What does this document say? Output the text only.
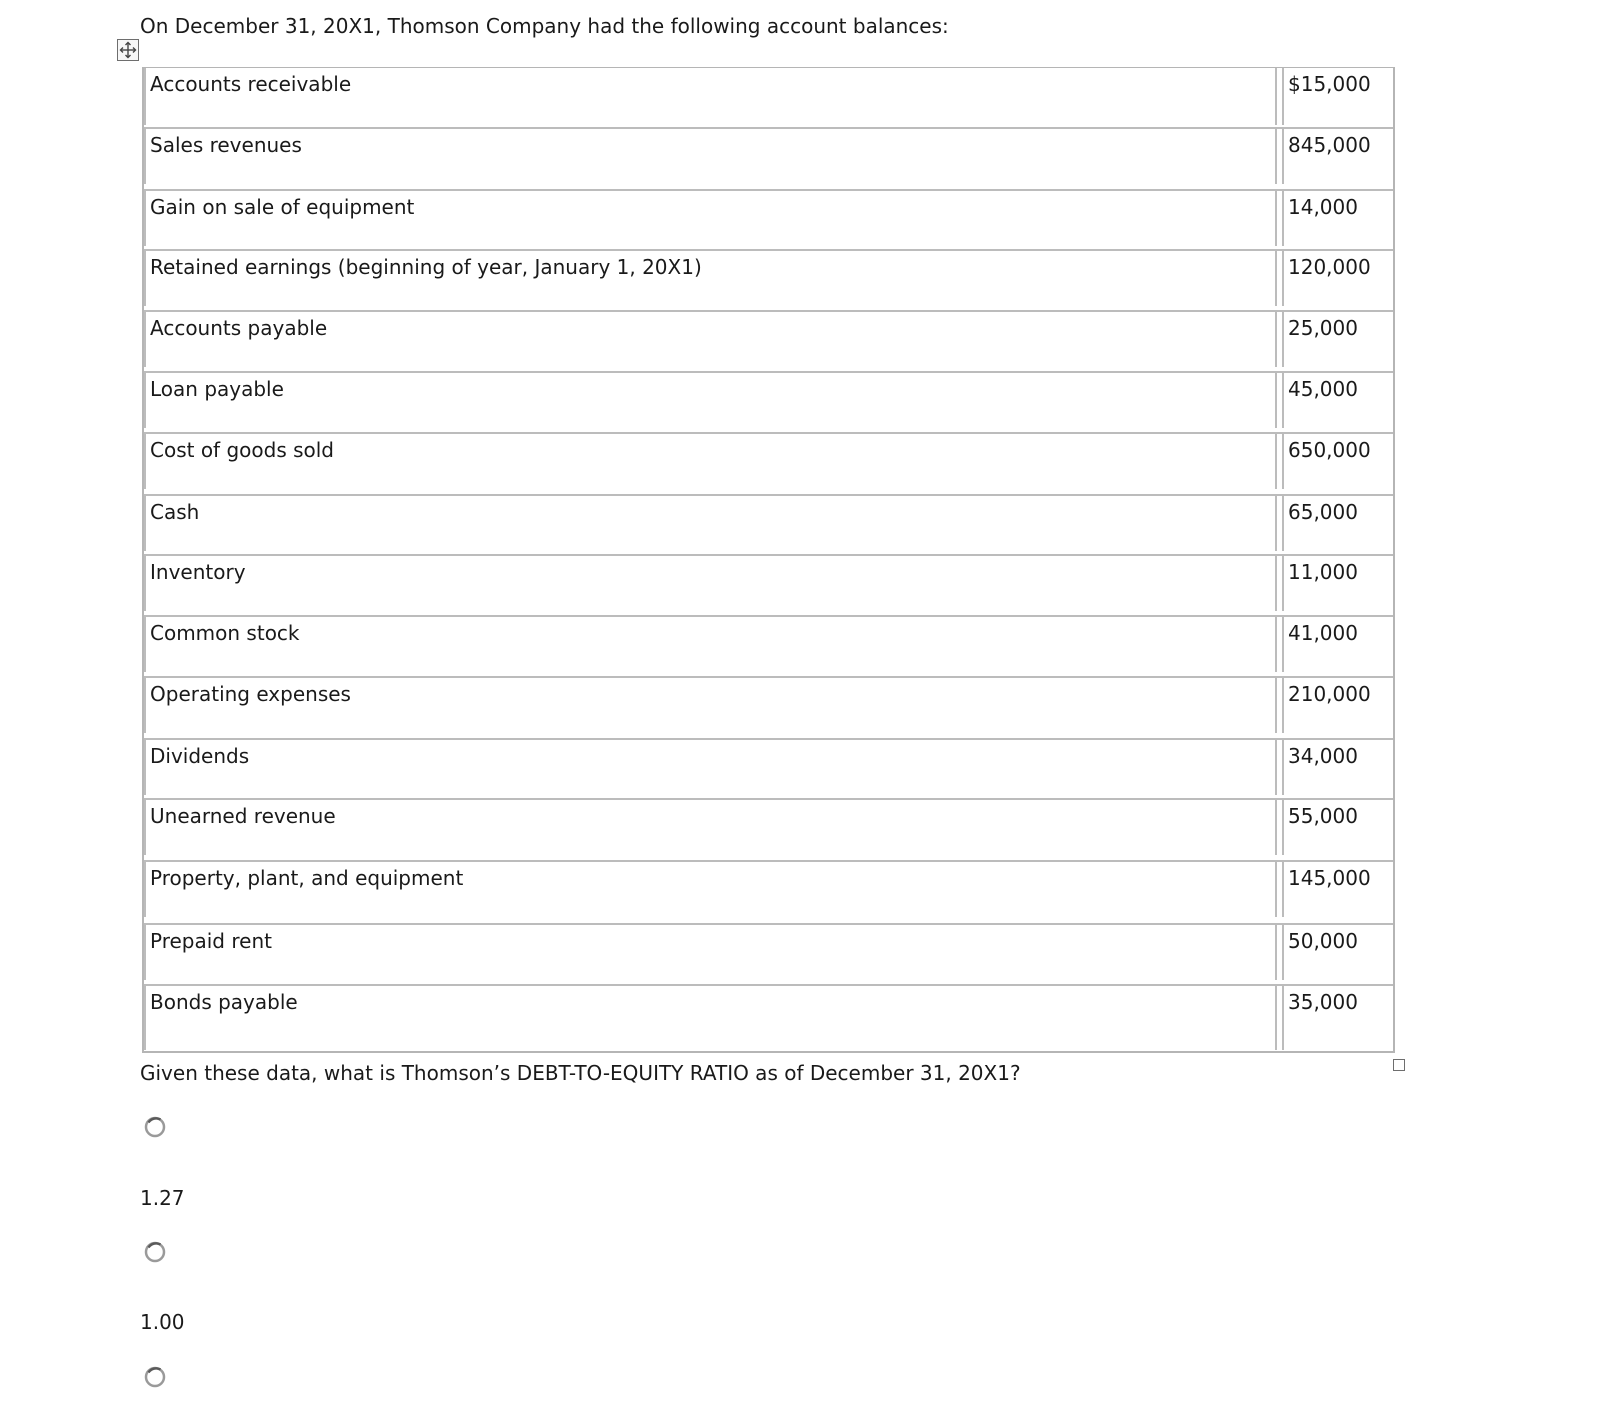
On December 31, 20X1, Thomson Company had the following account balances:
Accounts receivable	$15,000
Sales revenues	845,000
Gain on sale of equipment	14,000
Retained earnings (beginning of year, January 1, 20X1)	120,000
Accounts payable	25,000
Loan payable	45,000
Cost of goods sold	650,000
Cash	65,000
Inventory	11,000
Common stock	41,000
Operating expenses	210,000
Dividends	34,000
Unearned revenue	55,000
Property, plant, and equipment	145,000
Prepaid rent	50,000
Bonds payable	35,000
Given these data, what is Thomson’s DEBT-TO-EQUITY RATIO as of December 31, 20X1?
1.27
1.00
